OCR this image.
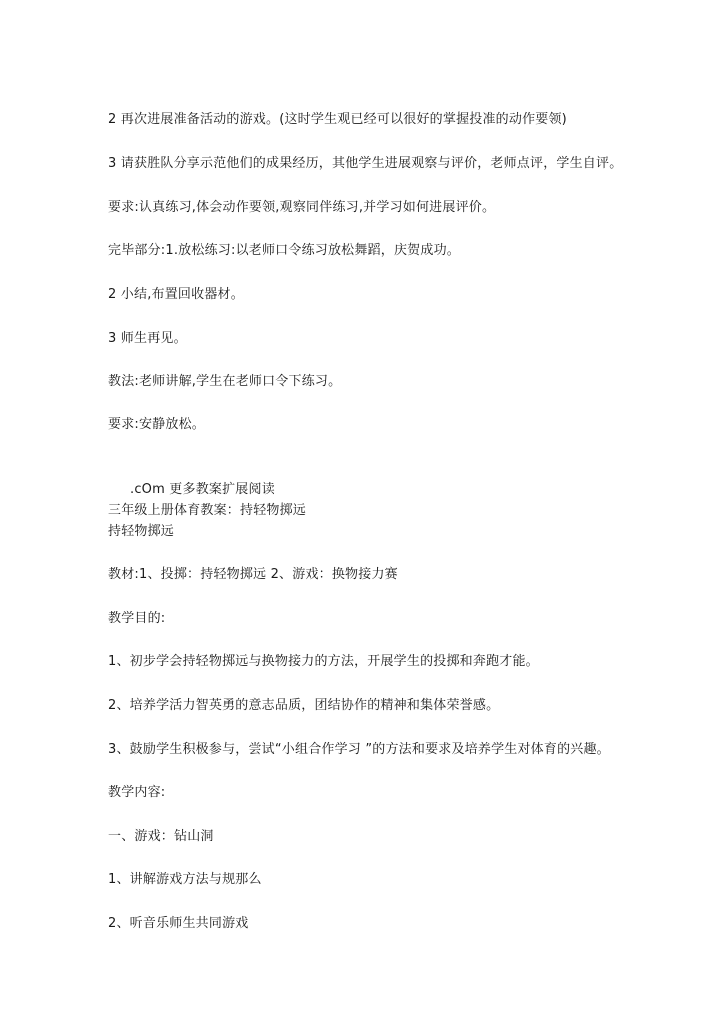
2 再次进展准备活动的游戏。(这时学生观已经可以很好的掌握投准的动作要领)
3 请获胜队分享示范他们的成果经历，其他学生进展观察与评价，老师点评，学生自评。
要求:认真练习,体会动作要领,观察同伴练习,并学习如何进展评价。
完毕部分:1.放松练习:以老师口令练习放松舞蹈，庆贺成功。
2 小结,布置回收器材。
3 师生再见。
教法:老师讲解,学生在老师口令下练习。
要求:安静放松。
.cOm 更多教案扩展阅读
三年级上册体育教案：持轻物掷远
持轻物掷远
教材:1、投掷：持轻物掷远 2、游戏：换物接力赛
教学目的:
1、初步学会持轻物掷远与换物接力的方法，开展学生的投掷和奔跑才能。
2、培养学活力智英勇的意志品质，团结协作的精神和集体荣誉感。
3、鼓励学生积极参与，尝试“小组合作学习 ”的方法和要求及培养学生对体育的兴趣。
教学内容:
一、游戏：钻山洞
1、讲解游戏方法与规那么
2、听音乐师生共同游戏
